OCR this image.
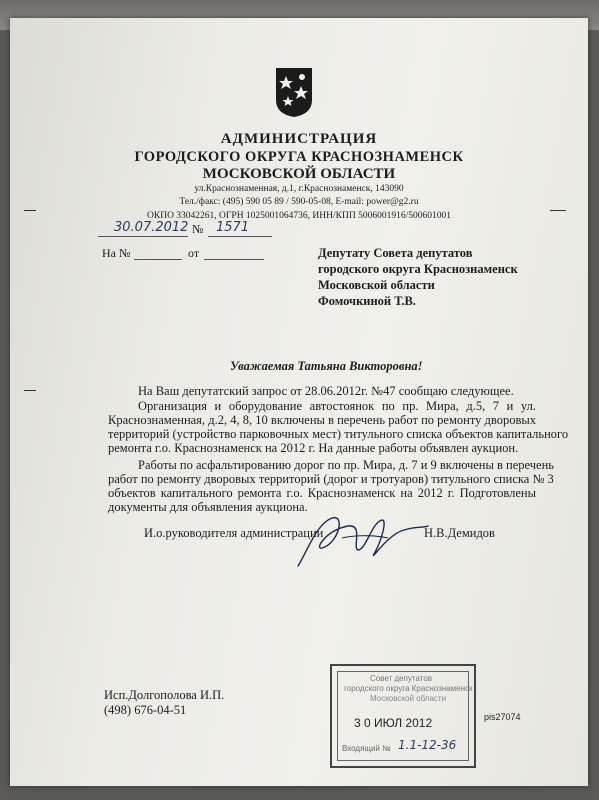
АДМИНИСТРАЦИЯ
ГОРОДСКОГО ОКРУГА КРАСНОЗНАМЕНСК
МОСКОВСКОЙ ОБЛАСТИ
ул.Краснознаменная, д.1, г.Краснознаменск, 143090
Тел./факс: (495) 590 05 89 / 590-05-08, E-mail: power@g2.ru
ОКПО 33042261, ОГРН 1025001064736, ИНН/КПП 5006001916/500601001
30.07.2012 № 1571
На №	от	Депутату Совета депутатов
городского округа Краснознаменск
Московской области
Фомочкиной Т.В.
Уважаемая Татьяна Викторовна!
На Ваш депутатский запрос от 28.06.2012г. №47 сообщаю следующее.
Организация и оборудование автостоянок по пр. Мира, д.5, 7 и ул.
Краснознаменная, д.2, 4, 8, 10 включены в перечень работ по ремонту дворовых
территорий (устройство парковочных мест) титульного списка объектов капитального
ремонта г.о. Краснознаменск на 2012 г. На данные работы объявлен аукцион.
Работы по асфальтированию дорог по пр. Мира, д. 7 и 9 включены в перечень
работ по ремонту дворовых территорий (дорог и тротуаров) титульного списка № 3
объектов капитального ремонта г.о. Краснознаменск на 2012 г. Подготовлены
документы для объявления аукциона.
И.о.руководителя администрации	Н.В.Демидов
Исп.Долгополова И.П.
(498) 676-04-51	pis27074
Совет депутатов
городского округа Краснознаменск
Московской области
3 0 ИЮЛ 2012
Входящий № 1.1-12-36
